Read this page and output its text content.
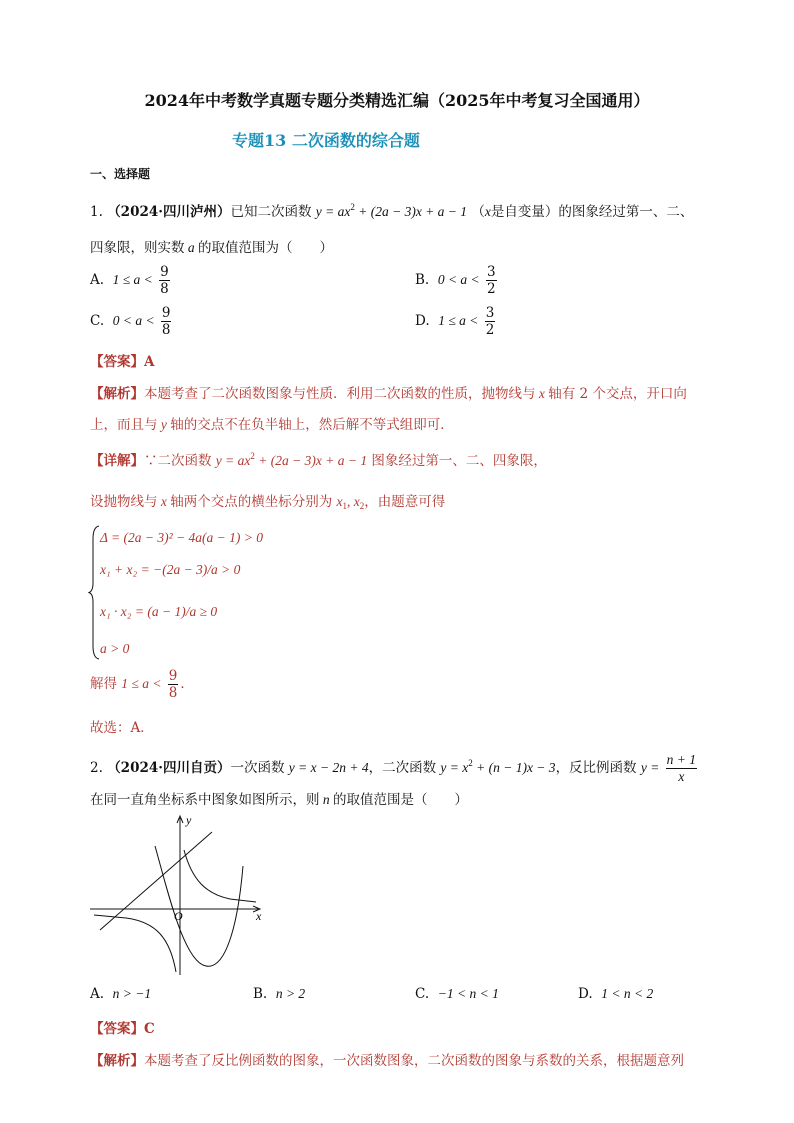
2024年中考数学真题专题分类精选汇编（2025年中考复习全国通用）
专题13 二次函数的综合题
一、选择题
1. （2024·四川泸州）已知二次函数 $y = ax^2 + (2a - 3)x + a - 1$ （x是自变量）的图象经过第一、二、
四象限，则实数 a 的取值范围为（　　）
A. $1 \le a < \frac{9}{8}$	B. $0 < a < \frac{3}{2}$
C. $0 < a < \frac{9}{8}$	D. $1 \le a < \frac{3}{2}$
【答案】A
【解析】本题考查了二次函数图象与性质．利用二次函数的性质，抛物线与 x 轴有 2 个交点，开口向
上，而且与 y 轴的交点不在负半轴上，然后解不等式组即可．
【详解】∵二次函数 $y = ax^2 + (2a - 3)x + a - 1$ 图象经过第一、二、四象限，
设抛物线与 x 轴两个交点的横坐标分别为 $x_1$, $x_2$，由题意可得
Δ = (2a − 3)² − 4a(a − 1) > 0
x₁ + x₂ = −(2a − 3)/a > 0
x₁ · x₂ = (a − 1)/a ≥ 0
a > 0
解得 $1 \le a < \frac{9}{8}$ ．
故选：A．
2. （2024·四川自贡）一次函数 y = x − 2n + 4，二次函数 $y = x^2 + (n - 1)x - 3$，反比例函数 $y = \frac{n + 1}{x}$
在同一直角坐标系中图象如图所示，则 n 的取值范围是（　　）
y
x
O
A. n > −1	B. n > 2	C. −1 < n < 1	D. 1 < n < 2
【答案】C
【解析】本题考查了反比例函数的图象，一次函数图象，二次函数的图象与系数的关系，根据题意列
